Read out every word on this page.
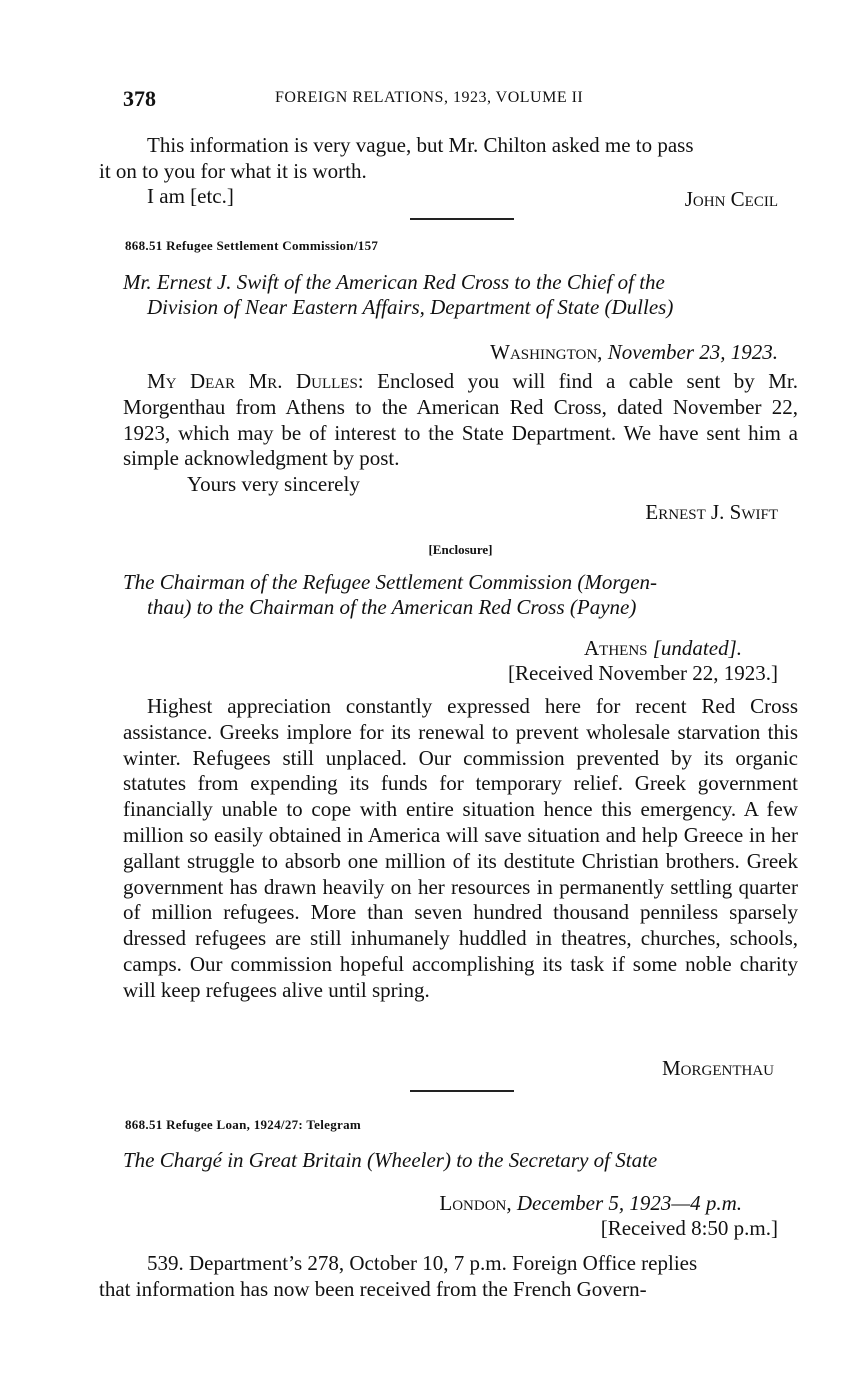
378	FOREIGN RELATIONS, 1923, VOLUME II
This information is very vague, but Mr. Chilton asked me to pass
it on to you for what it is worth.
I am [etc.]	John Cecil
868.51 Refugee Settlement Commission/157
Mr. Ernest J. Swift of the American Red Cross to the Chief of the
Division of Near Eastern Affairs, Department of State (Dulles)
Washington, November 23, 1923.
My Dear Mr. Dulles: Enclosed you will find a cable sent by Mr. Morgenthau from Athens to the American Red Cross, dated November 22, 1923, which may be of interest to the State Department. We have sent him a simple acknowledgment by post.
Yours very sincerely
Ernest J. Swift
[Enclosure]
The Chairman of the Refugee Settlement Commission (Morgen-
thau) to the Chairman of the American Red Cross (Payne)
Athens [undated].
[Received November 22, 1923.]
Highest appreciation constantly expressed here for recent Red Cross assistance. Greeks implore for its renewal to prevent wholesale starvation this winter. Refugees still unplaced. Our commission prevented by its organic statutes from expending its funds for temporary relief. Greek government financially unable to cope with entire situation hence this emergency. A few million so easily obtained in America will save situation and help Greece in her gallant struggle to absorb one million of its destitute Christian brothers. Greek government has drawn heavily on her resources in permanently settling quarter of million refugees. More than seven hundred thousand penniless sparsely dressed refugees are still inhumanely huddled in theatres, churches, schools, camps. Our commission hopeful accomplishing its task if some noble charity will keep refugees alive until spring.
Morgenthau
868.51 Refugee Loan, 1924/27: Telegram
The Chargé in Great Britain (Wheeler) to the Secretary of State
London, December 5, 1923—4 p.m.
[Received 8:50 p.m.]
539. Department’s 278, October 10, 7 p.m. Foreign Office replies
that information has now been received from the French Govern-
